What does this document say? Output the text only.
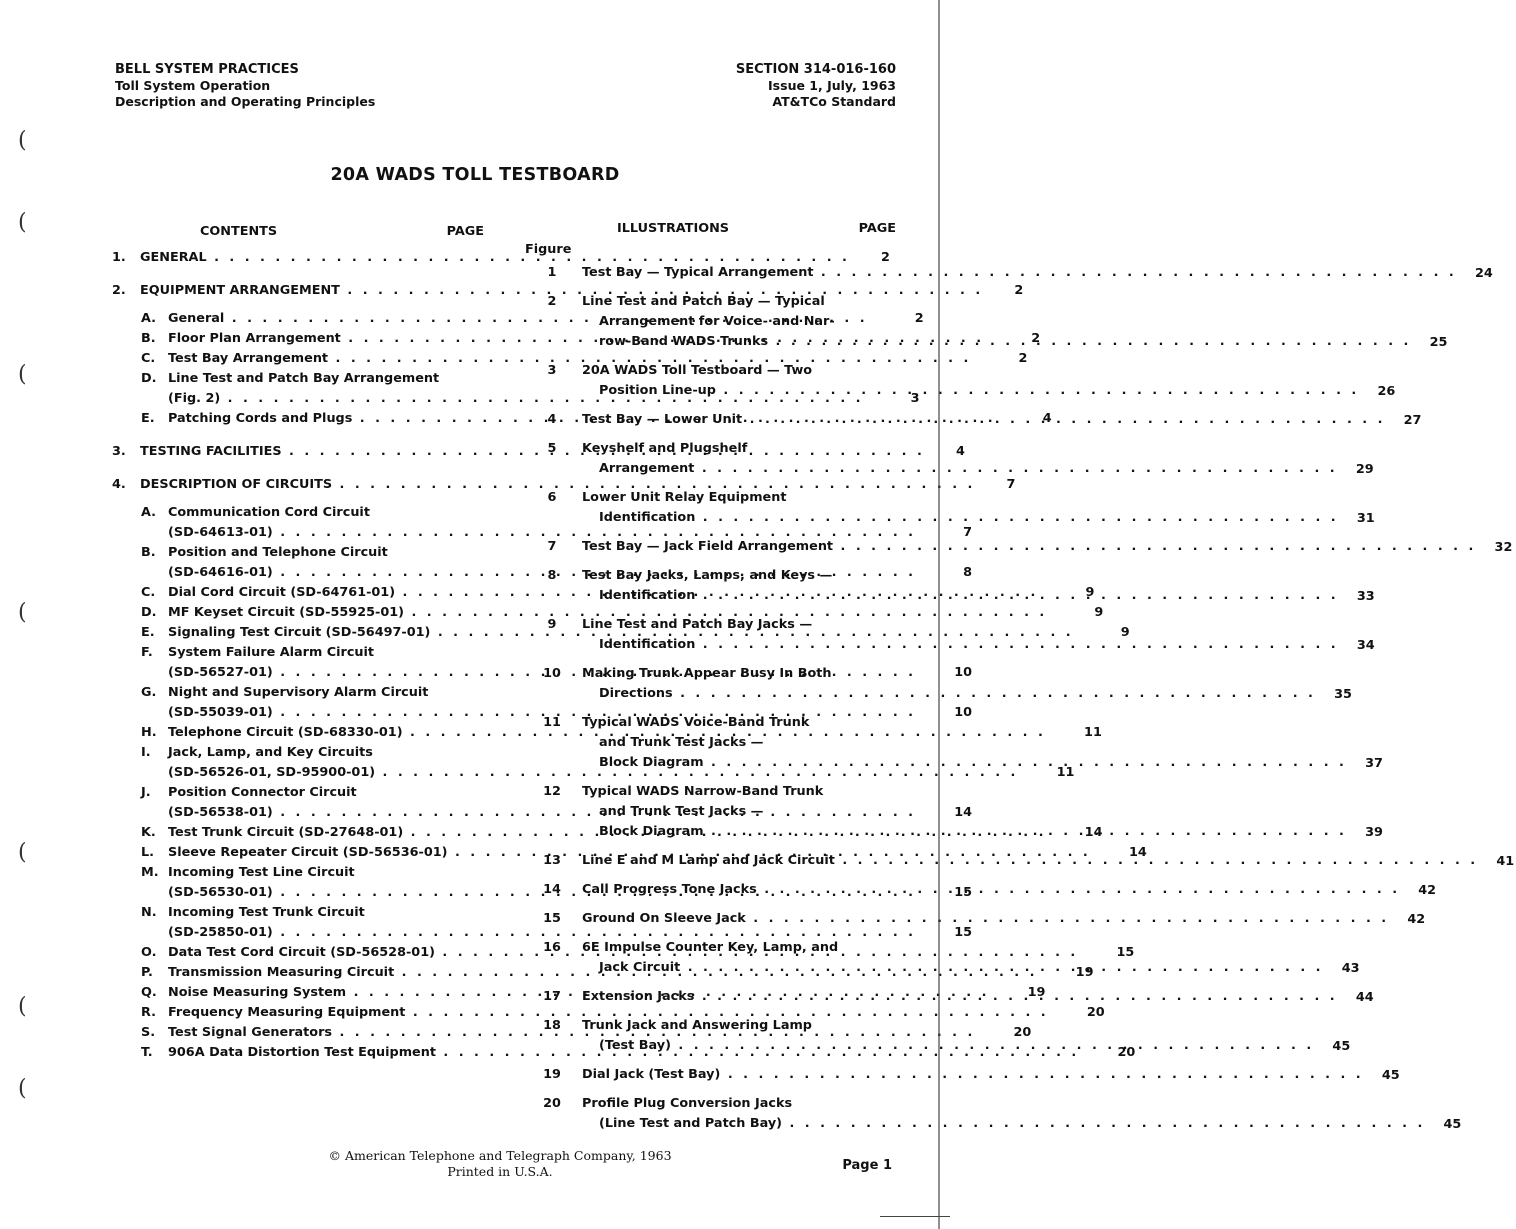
BELL SYSTEM PRACTICES
Toll System Operation
Description and Operating Principles
SECTION 314-016-160
Issue 1, July, 1963
AT&TCo Standard
20A WADS TOLL TESTBOARD
CONTENTS	PAGE
1.	GENERAL . . .	2
2.	EQUIPMENT ARRANGEMENT . . .	2
A. General . . .	2
B. Floor Plan Arrangement . . .	2
C. Test Bay Arrangement . . .	2
D. Line Test and Patch Bay Arrangement
(Fig. 2) . . .	3
E.	Patching Cords and Plugs . . .	4
3.	TESTING FACILITIES . . .	4
4.	DESCRIPTION OF CIRCUITS . . .	7
A. Communication Cord Circuit
(SD-64613-01) . . .	7
B. Position and Telephone Circuit
(SD-64616-01) . . .	8
C. Dial Cord Circuit (SD-64761-01) . . .	9
D. MF Keyset Circuit (SD-55925-01) . . .	9
E.	Signaling Test Circuit (SD-56497-01) . . .	9
F.	System Failure Alarm Circuit
(SD-56527-01) . . .	10
G. Night and Supervisory Alarm Circuit
(SD-55039-01) . . .	10
H. Telephone Circuit (SD-68330-01) . . .	11
I.	Jack, Lamp, and Key Circuits
(SD-56526-01, SD-95900-01) . . .	11
J.	Position Connector Circuit
(SD-56538-01) . . .	14
K. Test Trunk Circuit (SD-27648-01) . . .	14
L.	Sleeve Repeater Circuit (SD-56536-01) . . .	14
M. Incoming Test Line Circuit
(SD-56530-01) . . .	15
N. Incoming Test Trunk Circuit
(SD-25850-01) . . .	15
O. Data Test Cord Circuit (SD-56528-01) . . .	15
P.	Transmission Measuring Circuit . . .	19
Q. Noise Measuring System . . .	19
R. Frequency Measuring Equipment . . .	20
S.	Test Signal Generators . . .	20
T.	906A Data Distortion Test Equipment . . .	20
ILLUSTRATIONS	PAGE
Figure
1	Test Bay — Typical Arrangement . . .	24
2	Line Test and Patch Bay — Typical
Arrangement for Voice- and Nar-
row-Band WADS Trunks . . .	25
3	20A WADS Toll Testboard — Two
Position Line-up . . .	26
4	Test Bay — Lower Unit . . .	27
5	Keyshelf and Plugshelf
Arrangement . . .	29
6	Lower Unit Relay Equipment
Identification . . .	31
7	Test Bay — Jack Field Arrangement . . .	32
8	Test Bay Jacks, Lamps, and Keys —
Identification . . .	33
9	Line Test and Patch Bay Jacks —
Identification . . .	34
10	Making Trunk Appear Busy In Both
Directions . . .	35
11	Typical WADS Voice-Band Trunk
and Trunk Test Jacks —
Block Diagram . . .	37
12	Typical WADS Narrow-Band Trunk
and Trunk Test Jacks —
Block Diagram . . .	39
13	Line E and M Lamp and Jack Circuit . . .	41
14	Call Progress Tone Jacks . . .	42
15	Ground On Sleeve Jack . . .	42
16	6E Impulse Counter Key, Lamp, and
Jack Circuit . . .	43
17	Extension Jacks . . .	44
18	Trunk Jack and Answering Lamp
(Test Bay) . . .	45
19	Dial Jack (Test Bay) . . .	45
20	Profile Plug Conversion Jacks
(Line Test and Patch Bay) . . .	45
© American Telephone and Telegraph Company, 1963
Printed in U.S.A.	Page 1
(
(
(
(
(
(
(
